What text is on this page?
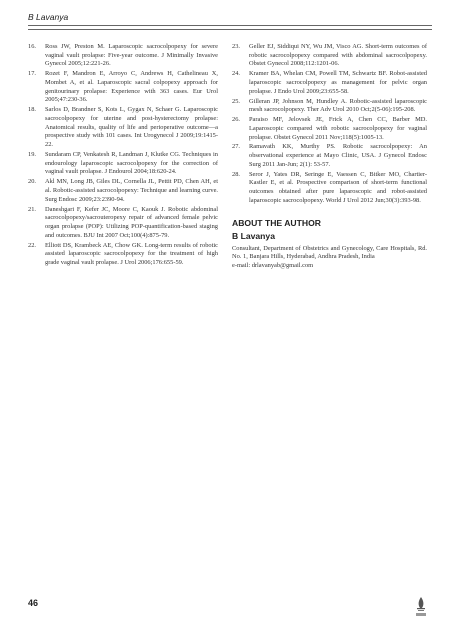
B Lavanya
16. Ross JW, Preston M. Laparoscopic sacrocolpopexy for severe vaginal vault prolapse: Five-year outcome. J Minimally Invasive Gynecol 2005;12:221-26.
17. Rozet F, Mandron E, Arroyo C, Andrews H, Cathelineau X, Mombet A, et al. Laparoscopic sacral colpopexy approach for genitourinary prolapse: Experience with 363 cases. Eur Urol 2005;47:230-36.
18. Sarlos D, Brandner S, Kots L, Gygax N, Schaer G. Laparoscopic sacrocolpopexy for uterine and post-hysterectomy prolapse: Anatomical results, quality of life and perioperative outcome—a prospective study with 101 cases. Int Urogynecol J 2009;19:1415-22.
19. Sundaram CP, Venkatesh R, Landman J, Klutke CG. Techniques in endourology laparoscopic sacrocolpopexy for the correction of vaginal vault prolapse. J Endourol 2004;18:620-24.
20. Akl MN, Long JB, Giles DL, Cornella JL, Pettit PD, Chen AH, et al. Robotic-assisted sacrocolpopexy: Technique and learning curve. Surg Endosc 2009;23:2390-94.
21. Daneshgari F, Kefer JC, Moore C, Kaouk J. Robotic abdominal sacrocolpopexy/sacrouteropexy repair of advanced female pelvic organ prolapse (POP): Utilizing POP-quantification-based staging and outcomes. BJU Int 2007 Oct;100(4):875-79.
22. Elliott DS, Krambeck AE, Chow GK. Long-term results of robotic assisted laparoscopic sacrocolpopexy for the treatment of high grade vaginal vault prolapse. J Urol 2006;176:655-59.
23. Geller EJ, Siddiqui NY, Wu JM, Visco AG. Short-term outcomes of robotic sacrocolpopexy compared with abdominal sacrocolpopexy. Obstet Gynecol 2008;112:1201-06.
24. Kramer BA, Whelan CM, Powell TM, Schwartz BF. Robot-assisted laparoscopic sacrocolpopexy as management for pelvic organ prolapse. J Endo Urol 2009;23:655-58.
25. Gilleran JP, Johnson M, Hundley A. Robotic-assisted laparoscopic mesh sacrocolpopexy. Ther Adv Urol 2010 Oct;2(5-06):195-208.
26. Paraiso MF, Jelovsek JE, Frick A, Chen CC, Barber MD. Laparoscopic compared with robotic sacrocolpopexy for vaginal prolapse. Obstet Gynecol 2011 Nov;118(5):1005-13.
27. Ramavath KK, Murthy PS. Robotic sacrocolpopexy: An observational experience at Mayo Clinic, USA. J Gynecol Endosc Surg 2011 Jan-Jun; 2(1): 53-57.
28. Seror J, Yates DR, Seringe E, Vaessen C, Bitker MO, Chartier-Kastler E, et al. Prospective comparison of short-term functional outcomes obtained after pure laparoscopic and robot-assisted laparoscopic sacrocolpopexy. World J Urol 2012 Jun;30(3):393-98.
ABOUT THE AUTHOR
B Lavanya
Consultant, Department of Obstetrics and Gynecology, Care Hospitals, Rd. No. 1, Banjara Hills, Hyderabad, Andhra Pradesh, India
e-mail: drlavanyab@gmail.com
46
